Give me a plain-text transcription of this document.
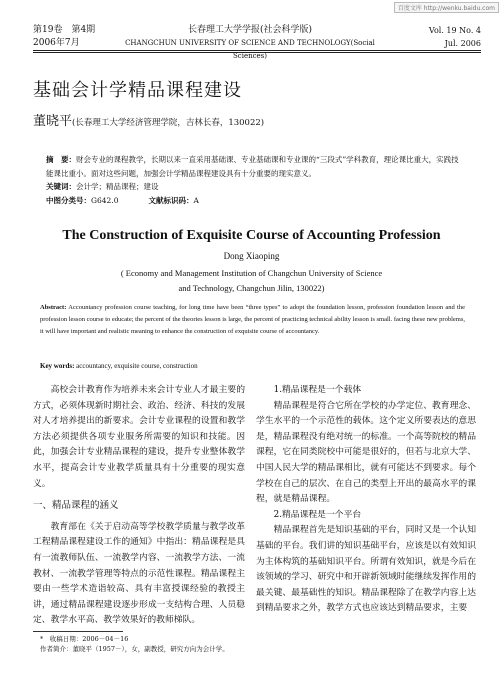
百度文库 http://wenku.baidu.com
第19卷　第4期
2006年7月
长春理工大学学报(社会科学版)
CHANGCHUN UNIVERSITY OF SCIENCE AND TECHNOLOGY(Social Sciences)
Vol. 19 No. 4
Jul. 2006
基础会计学精品课程建设
董晓平(长春理工大学经济管理学院，吉林长春，130022)
摘　要：财会专业的课程教学，长期以来一直采用基础课、专业基础课和专业课的“三段式”学科教育，理论课比重大，实践技能课比重小。面对这些问题，加强会计学精品课程建设具有十分重要的现实意义。
关键词：会计学；精品课程；建设
中图分类号：G642.0	文献标识码：A
The Construction of Exquisite Course of Accounting Profession
Dong Xiaoping
( Economy and Management Institution of Changchun University of Science
and Technology, Changchun Jilin, 130022)
Abstract: Accountancy profession course teaching, for long time have been “three types” to adopt the foundation lesson, profession foundation lesson and the profession lesson course to educate; the percent of the theories lesson is large, the percent of practicing technical ability lesson is small. facing these new problems, it will have important and realistic meaning to enhance the construction of exquisite course of accountancy.
Key words: accountancy, exquisite course, construction

高校会计教育作为培养未来会计专业人才最主要的方式，必须体现新时期社会、政治、经济、科技的发展对人才培养提出的新要求。会计专业课程的设置和教学方法必须提供各项专业服务所需要的知识和技能。因此，加强会计专业精品课程的建设，提升专业整体教学水平，提高会计专业教学质量具有十分重要的现实意义。

一、精品课程的涵义

教育部在《关于启动高等学校教学质量与教学改革工程精品课程建设工作的通知》中指出：精品课程是具有一流教师队伍、一流教学内容、一流教学方法、一流教材、一流教学管理等特点的示范性课程。精品课程主要由一些学术造诣较高、具有丰富授课经验的教授主讲，通过精品课程建设逐步形成一支结构合理、人员稳定、教学水平高、教学效果好的教师梯队。

1.精品课程是一个载体

精品课程是符合它所在学校的办学定位、教育理念、学生水平的一个示范性的载体。这个定义所要表达的意思是，精品课程没有绝对统一的标准。一个高等院校的精品课程，它在同类院校中可能是很好的，但若与北京大学、中国人民大学的精品课相比，就有可能达不到要求。每个学校在自己的层次、在自己的类型上开出的最高水平的课程，就是精品课程。

2.精品课程是一个平台

精品课程首先是知识基础的平台，同时又是一个认知基础的平台。我们讲的知识基础平台，应该是以有效知识为主体构筑的基础知识平台。所谓有效知识，就是今后在该领域的学习、研究中和开辟新领域时能继续发挥作用的最关键、最基础性的知识。精品课程除了在教学内容上达到精品要求之外，教学方式也应该达到精品要求，主要

*　收稿日期：2006－04－16
作者简介：董晓平（1957－），女，副教授，研究方向为会计学。
